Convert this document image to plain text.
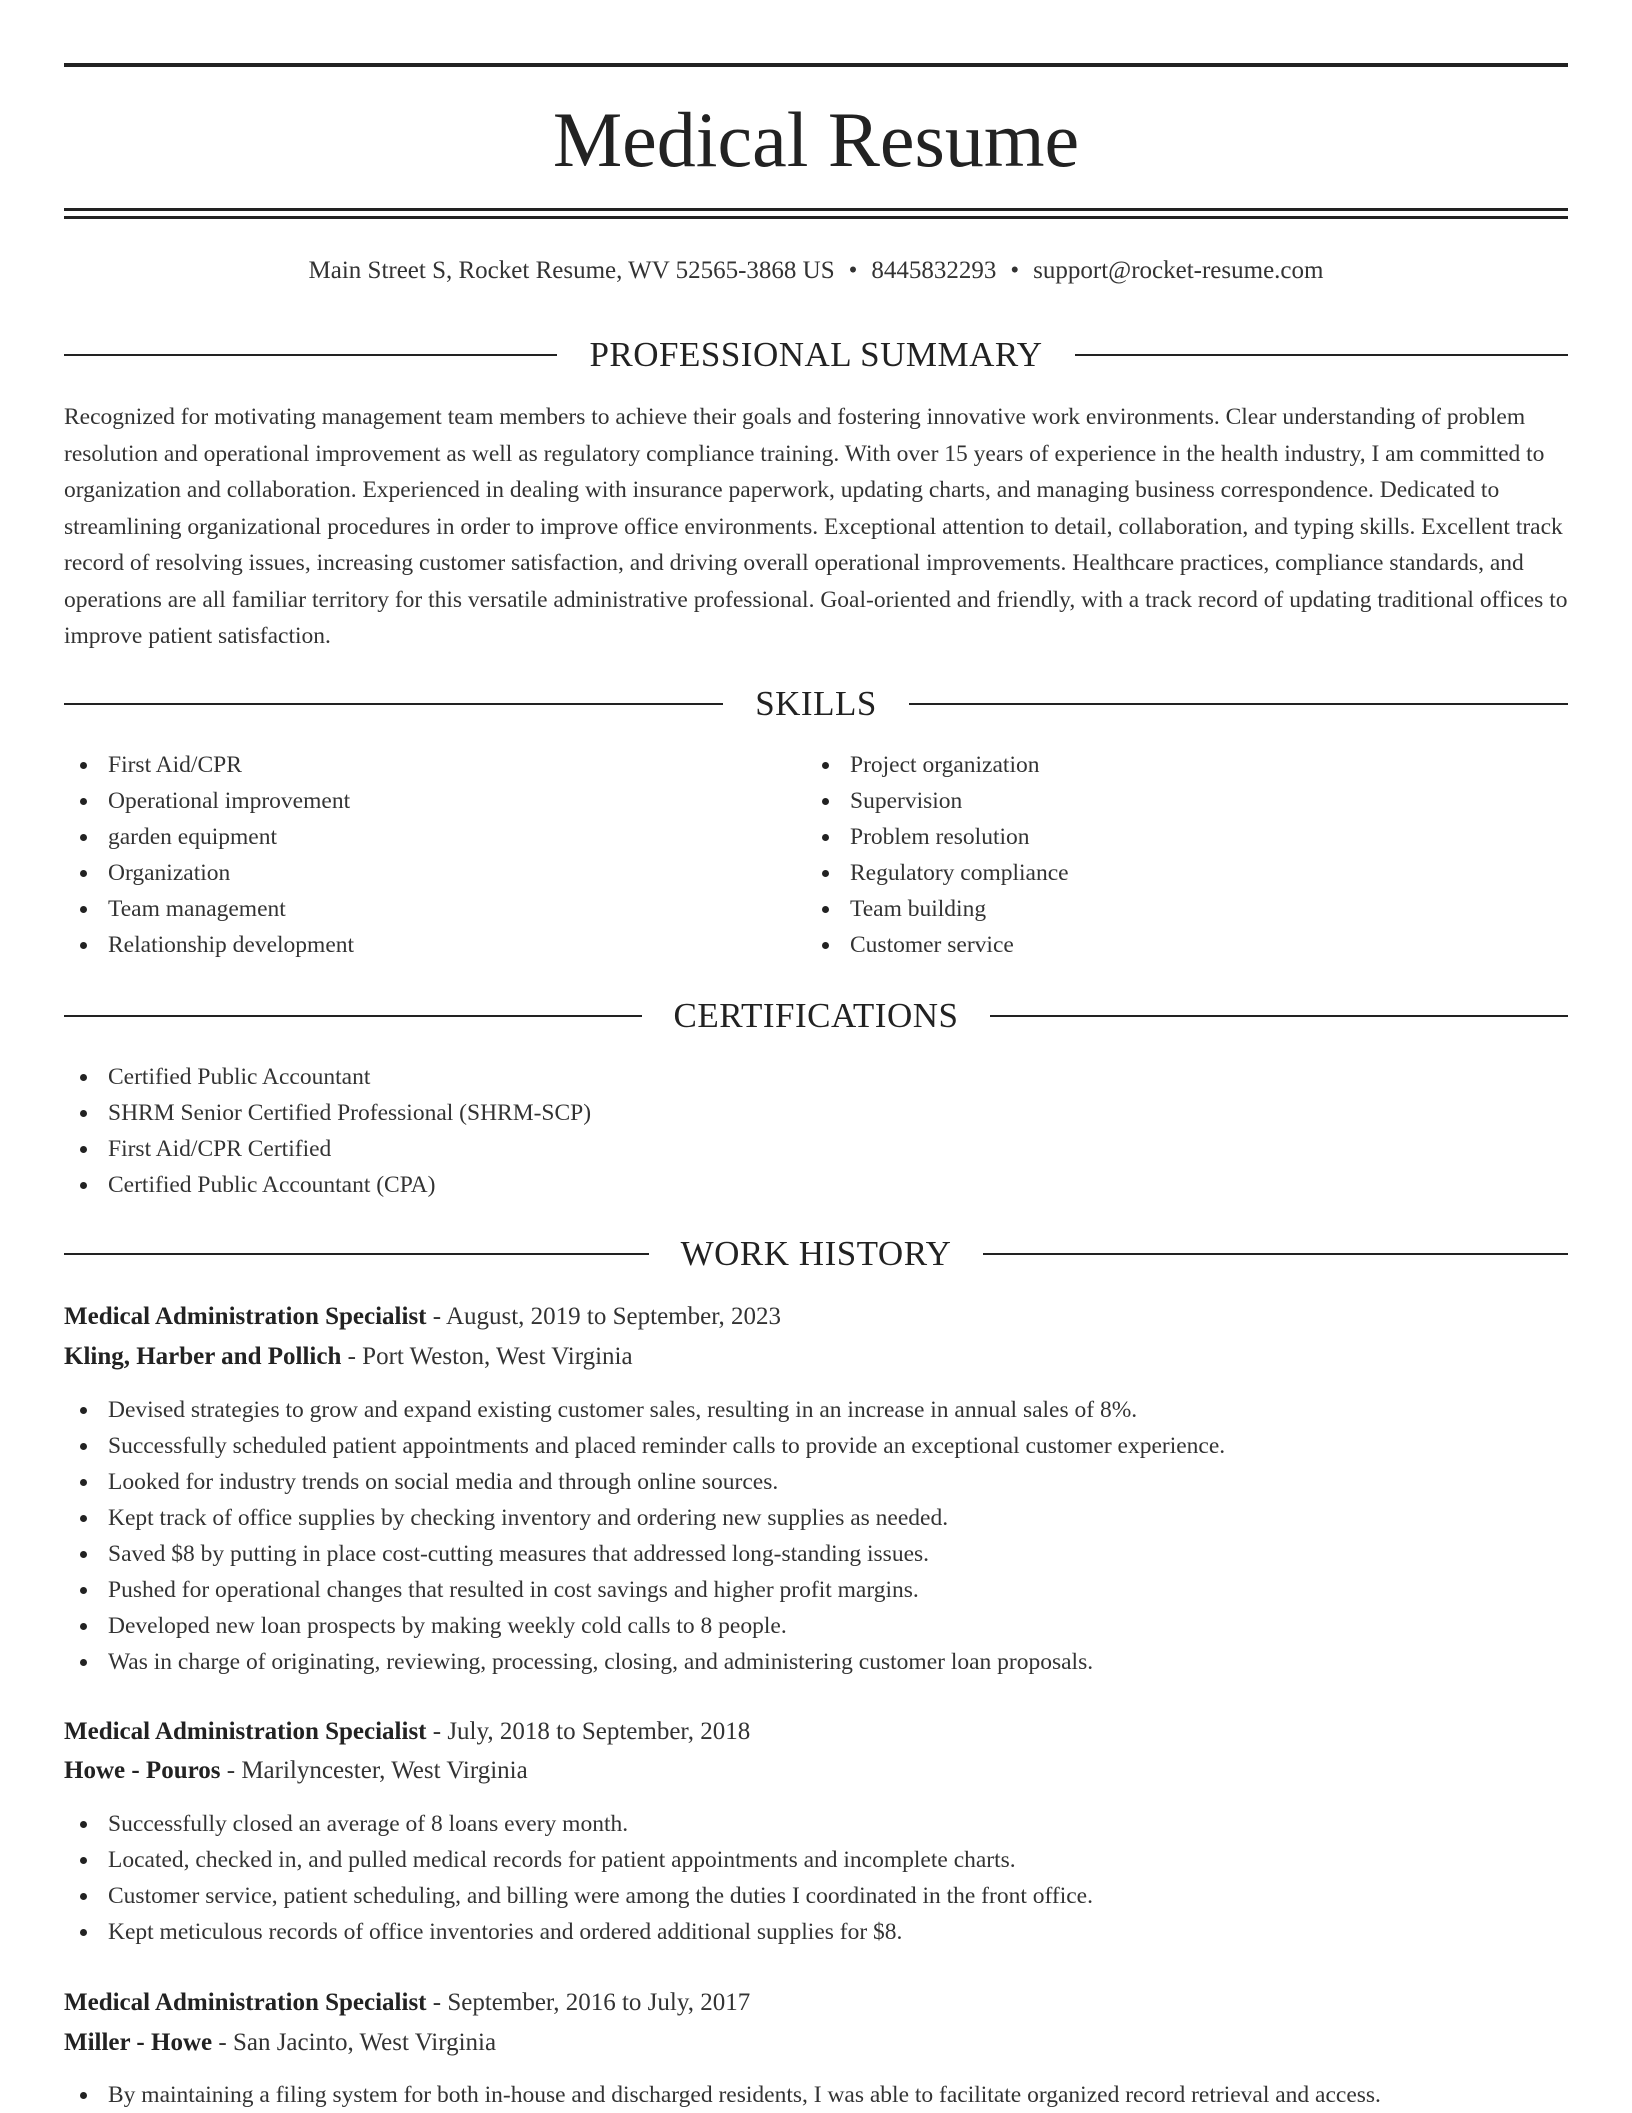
Medical Resume
Main Street S, Rocket Resume, WV 52565-3868 US • 8445832293 • support@rocket-resume.com
PROFESSIONAL SUMMARY

Recognized for motivating management team members to achieve their goals and fostering innovative work environments. Clear understanding of problem resolution and operational improvement as well as regulatory compliance training. With over 15 years of experience in the health industry, I am committed to organization and collaboration. Experienced in dealing with insurance paperwork, updating charts, and managing business correspondence. Dedicated to streamlining organizational procedures in order to improve office environments. Exceptional attention to detail, collaboration, and typing skills. Excellent track record of resolving issues, increasing customer satisfaction, and driving overall operational improvements. Healthcare practices, compliance standards, and operations are all familiar territory for this versatile administrative professional. Goal-oriented and friendly, with a track record of updating traditional offices to improve patient satisfaction.

SKILLS
First Aid/CPR
Operational improvement
garden equipment
Organization
Team management
Relationship development
Project organization
Supervision
Problem resolution
Regulatory compliance
Team building
Customer service
CERTIFICATIONS
Certified Public Accountant
SHRM Senior Certified Professional (SHRM-SCP)
First Aid/CPR Certified
Certified Public Accountant (CPA)
WORK HISTORY
Medical Administration Specialist - August, 2019 to September, 2023
Kling, Harber and Pollich - Port Weston, West Virginia
Devised strategies to grow and expand existing customer sales, resulting in an increase in annual sales of 8%.
Successfully scheduled patient appointments and placed reminder calls to provide an exceptional customer experience.
Looked for industry trends on social media and through online sources.
Kept track of office supplies by checking inventory and ordering new supplies as needed.
Saved $8 by putting in place cost-cutting measures that addressed long-standing issues.
Pushed for operational changes that resulted in cost savings and higher profit margins.
Developed new loan prospects by making weekly cold calls to 8 people.
Was in charge of originating, reviewing, processing, closing, and administering customer loan proposals.
Medical Administration Specialist - July, 2018 to September, 2018
Howe - Pouros - Marilyncester, West Virginia
Successfully closed an average of 8 loans every month.
Located, checked in, and pulled medical records for patient appointments and incomplete charts.
Customer service, patient scheduling, and billing were among the duties I coordinated in the front office.
Kept meticulous records of office inventories and ordered additional supplies for $8.
Medical Administration Specialist - September, 2016 to July, 2017
Miller - Howe - San Jacinto, West Virginia
By maintaining a filing system for both in-house and discharged residents, I was able to facilitate organized record retrieval and access.
